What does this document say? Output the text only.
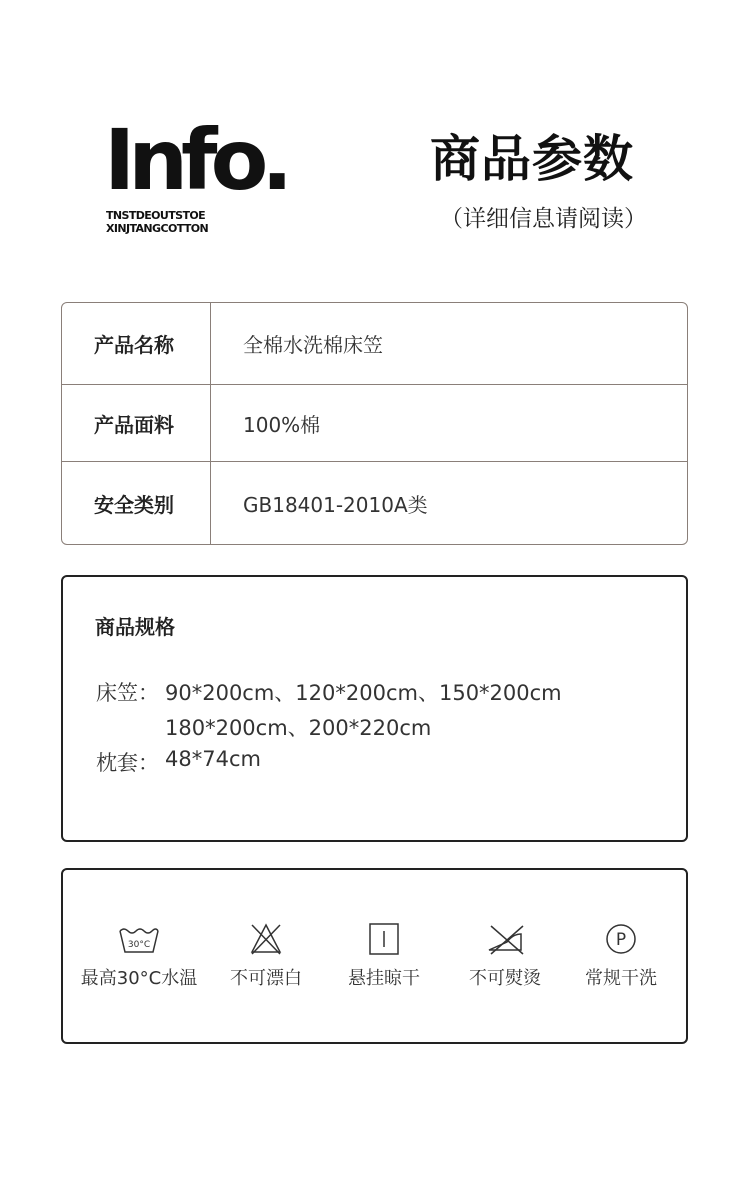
Info.
TNSTDEOUTSTOE
XINJTANGCOTTON
商品参数
（详细信息请阅读）
产品名称	全棉水洗棉床笠
产品面料	100%棉
安全类别	GB18401-2010A类
商品规格
床笠： 90*200cm、120*200cm、150*200cm
180*200cm、200*220cm
枕套： 48*74cm
30°C
最高30°C水温	不可漂白	悬挂晾干	不可熨烫
P
常规干洗
